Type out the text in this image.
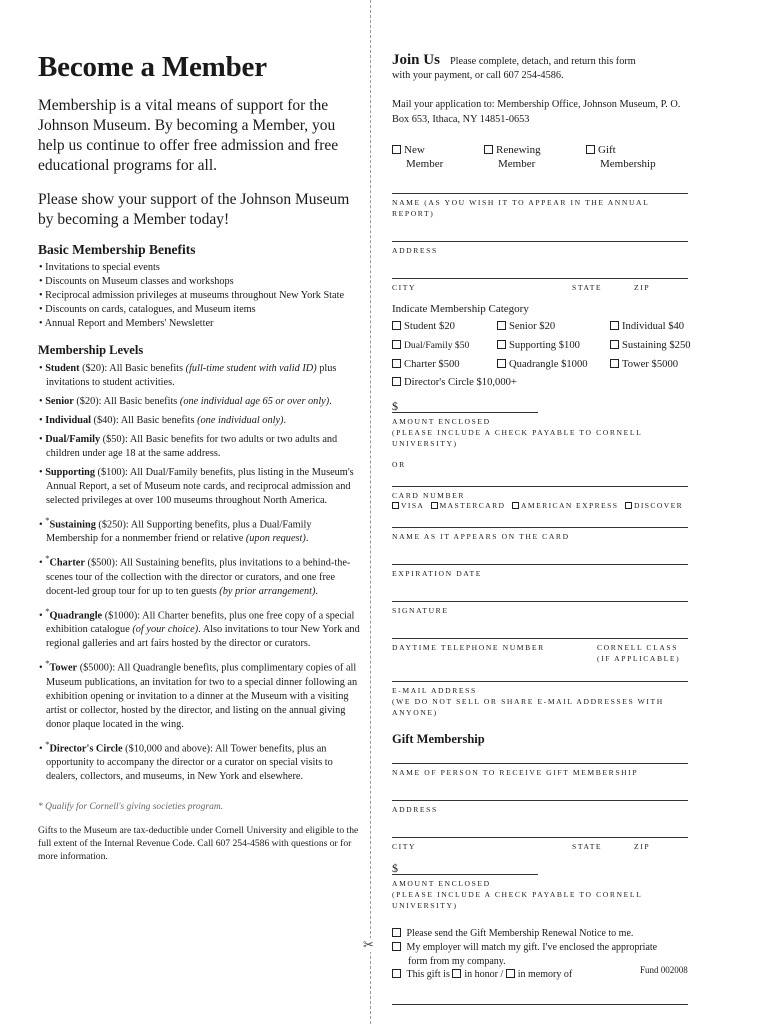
✂
Become a Member

Membership is a vital means of support for the Johnson Museum. By becoming a Member, you help us continue to offer free admission and free educational programs for all.

Please show your support of the Johnson Museum by becoming a Member today!

Basic Membership Benefits
• Invitations to special events
• Discounts on Museum classes and workshops
• Reciprocal admission privileges at museums throughout New York State
• Discounts on cards, catalogues, and Museum items
• Annual Report and Members' Newsletter
Membership Levels

• Student ($20): All Basic benefits (full-time student with valid ID) plus invitations to student activities.

• Senior ($20): All Basic benefits (one individual age 65 or over only).

• Individual ($40): All Basic benefits (one individual only).

• Dual/Family ($50): All Basic benefits for two adults or two adults and children under age 18 at the same address.

• Supporting ($100): All Dual/Family benefits, plus listing in the Museum's Annual Report, a set of Museum note cards, and reciprocal admission and selected privileges at over 100 museums throughout North America.

• *Sustaining ($250): All Supporting benefits, plus a Dual/Family Membership for a nonmember friend or relative (upon request).

• *Charter ($500): All Sustaining benefits, plus invitations to a behind-the-scenes tour of the collection with the director or curators, and one free docent-led group tour for up to ten guests (by prior arrangement).

• *Quadrangle ($1000): All Charter benefits, plus one free copy of a special exhibition catalogue (of your choice). Also invitations to tour New York and regional galleries and art fairs hosted by the director or curators.

• *Tower ($5000): All Quadrangle benefits, plus complimentary copies of all Museum publications, an invitation for two to a special dinner following an exhibition opening or invitation to a dinner at the Museum with a visiting artist or collector, hosted by the director, and listing on the annual giving donor plaque located in the wing.

• *Director's Circle ($10,000 and above): All Tower benefits, plus an opportunity to accompany the director or a curator on special visits to dealers, collectors, and museums, in New York and elsewhere.

* Qualify for Cornell's giving societies program.

Gifts to the Museum are tax-deductible under Cornell University and eligible to the full extent of the Internal Revenue Code. Call 607 254-4586 with questions or for more information.

Join Us Please complete, detach, and return this form

with your payment, or call 607 254-4586.

Mail your application to: Membership Office, Johnson Museum, P. O. Box 653, Ithaca, NY 14851-0653

New
Member
Renewing
Member
Gift
Membership
NAME (AS YOU WISH IT TO APPEAR IN THE ANNUAL REPORT)
ADDRESS
CITY	STATE	ZIP

Indicate Membership Category

Student $20	Senior $20	Individual $40
Dual/Family $50	Supporting $100	Sustaining $250
Charter $500	Quadrangle $1000	Tower $5000
Director's Circle $10,000+
$
AMOUNT ENCLOSED
(PLEASE INCLUDE A CHECK PAYABLE TO CORNELL UNIVERSITY)
OR
CARD NUMBER
VISA MASTERCARD AMERICAN EXPRESS DISCOVER
NAME AS IT APPEARS ON THE CARD
EXPIRATION DATE
SIGNATURE
DAYTIME TELEPHONE NUMBER	CORNELL CLASS
(IF APPLICABLE)
E-MAIL ADDRESS
(WE DO NOT SELL OR SHARE E-MAIL ADDRESSES WITH ANYONE)

Gift Membership

NAME OF PERSON TO RECEIVE GIFT MEMBERSHIP
ADDRESS
CITY	STATE	ZIP
$
AMOUNT ENCLOSED
(PLEASE INCLUDE A CHECK PAYABLE TO CORNELL UNIVERSITY)
Please send the Gift Membership Renewal Notice to me.
My employer will match my gift. I've enclosed the appropriate
form from my company.
This gift is in honor / in memory of	Fund 002008
